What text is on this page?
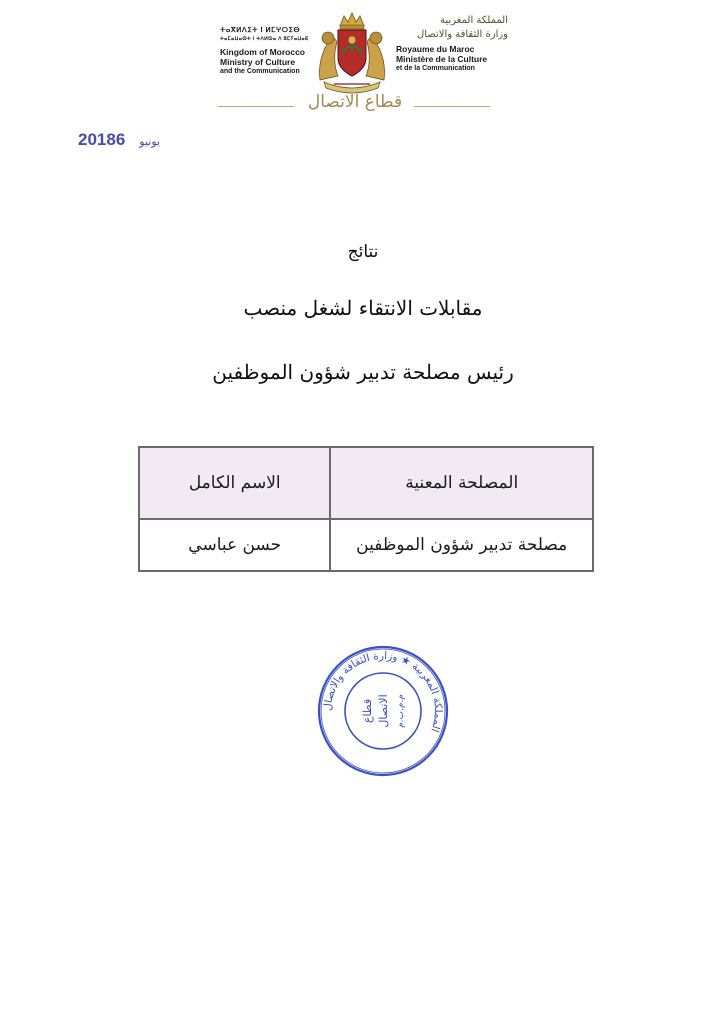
ⵜⴰⴳⵍⴷⵉⵜ ⵏ ⵍⵎⵖⵔⵉⴱ
ⵜⴰⵎⴰⵡⴰⵙⵜ ⵏ ⵜⴷⵍⵙⴰ ⴷ ⵓⵎⵢⴰⵡⴰⴹ
Kingdom of Morocco
Ministry of Culture
and the Communication
المملكة المغربية
وزارة الثقافة والاتصال
Royaume du Maroc
Ministère de la Culture
et de la Communication
قطاع الاتصال
2018 يونيو6
نتائج
مقابلات الانتقاء لشغل منصب
رئيس مصلحة تدبير شؤون الموظفين
المصلحة المعنية	الاسم الكامل
مصلحة تدبير شؤون الموظفين	حسن عباسي
المملكة المغربية ★ وزارة الثقافة والاتصال
قطاع الاتصال م.م.ب.م
